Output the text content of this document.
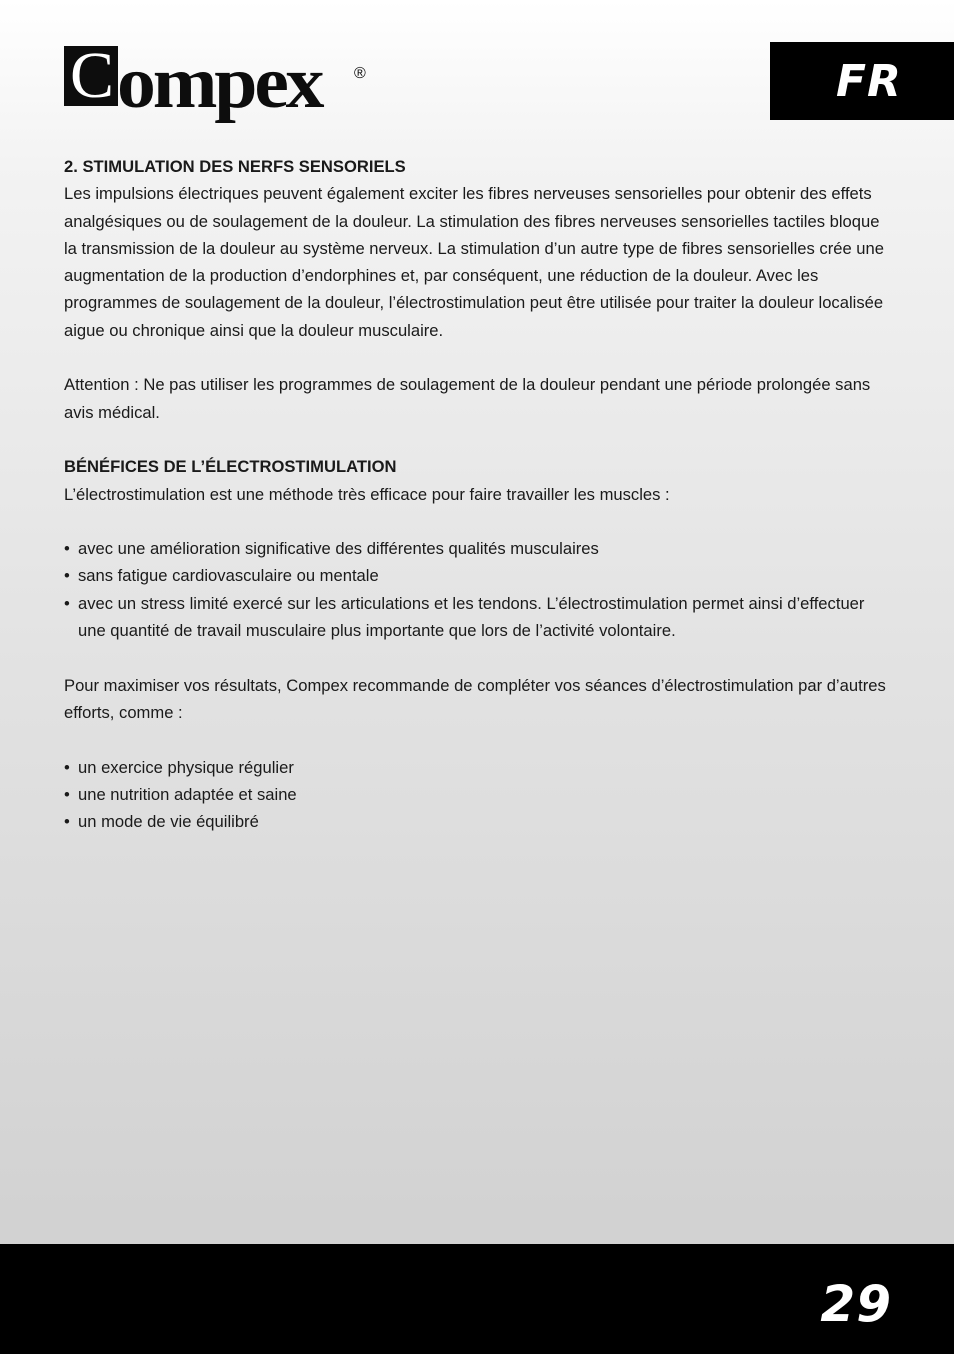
C ompex ®	FR

2. STIMULATION DES NERFS SENSORIELS

Les impulsions électriques peuvent également exciter les fibres nerveuses sensorielles pour obtenir des effets analgésiques ou de soulagement de la douleur. La stimulation des fibres nerveuses sensorielles tactiles bloque la transmission de la douleur au système nerveux. La stimulation d’un autre type de fibres sensorielles crée une augmentation de la production d’endorphines et, par conséquent, une réduction de la douleur. Avec les programmes de soulagement de la douleur, l’électrostimulation peut être utilisée pour traiter la douleur localisée aigue ou chronique ainsi que la douleur musculaire.

Attention : Ne pas utiliser les programmes de soulagement de la douleur pendant une période prolongée sans avis médical.

BÉNÉFICES DE L’ÉLECTROSTIMULATION

L’électrostimulation est une méthode très efficace pour faire travailler les muscles :

• avec une amélioration significative des différentes qualités musculaires
• sans fatigue cardiovasculaire ou mentale
• avec un stress limité exercé sur les articulations et les tendons. L’électrostimulation permet ainsi d’effectuer une quantité de travail musculaire plus importante que lors de l’activité volontaire.

Pour maximiser vos résultats, Compex recommande de compléter vos séances d’électrostimulation par d’autres efforts, comme :

• un exercice physique régulier
• une nutrition adaptée et saine
• un mode de vie équilibré
29
